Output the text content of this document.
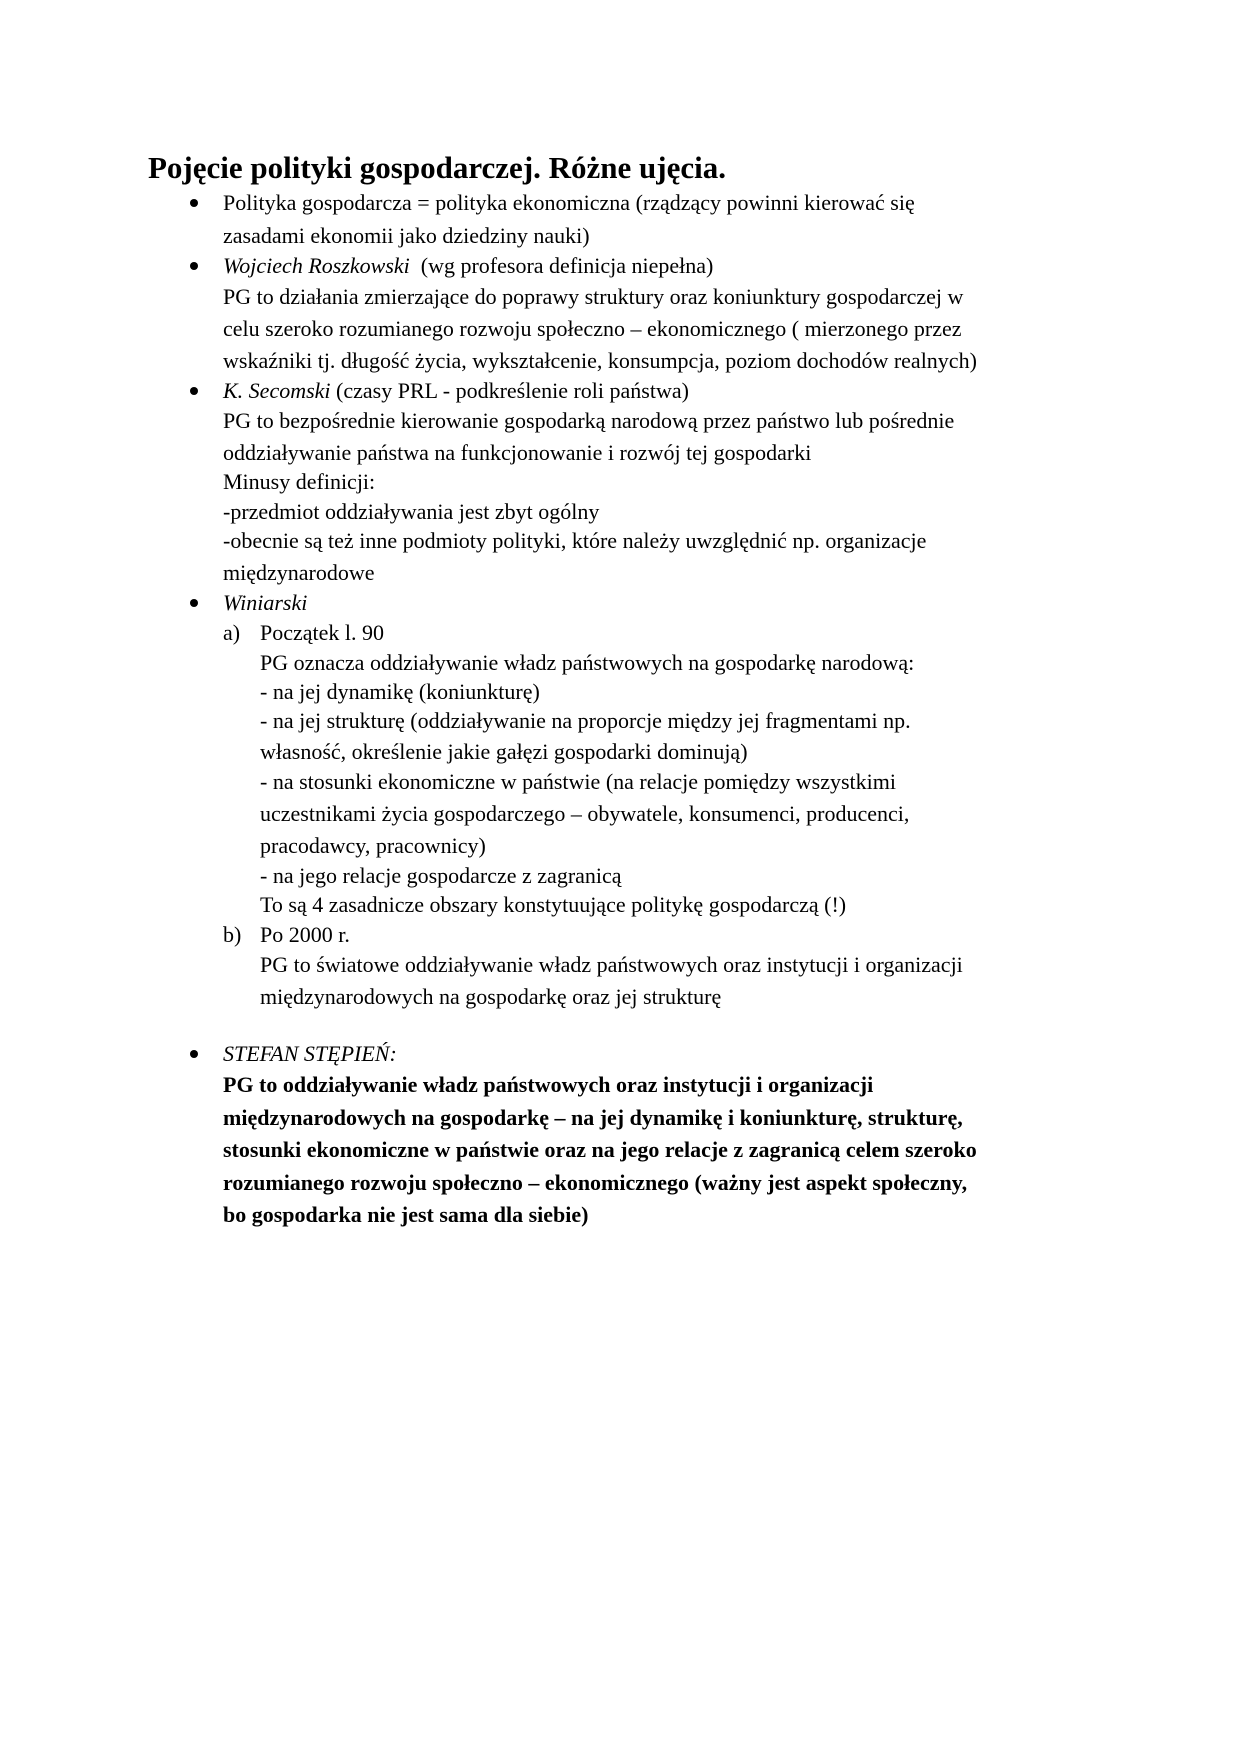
Pojęcie polityki gospodarczej. Różne ujęcia.
Polityka gospodarcza = polityka ekonomiczna (rządzący powinni kierować się
zasadami ekonomii jako dziedziny nauki)
Wojciech Roszkowski  (wg profesora definicja niepełna)
PG to działania zmierzające do poprawy struktury oraz koniunktury gospodarczej w
celu szeroko rozumianego rozwoju społeczno – ekonomicznego ( mierzonego przez
wskaźniki tj. długość życia, wykształcenie, konsumpcja, poziom dochodów realnych)
K. Secomski (czasy PRL - podkreślenie roli państwa)
PG to bezpośrednie kierowanie gospodarką narodową przez państwo lub pośrednie
oddziaływanie państwa na funkcjonowanie i rozwój tej gospodarki
Minusy definicji:
-przedmiot oddziaływania jest zbyt ogólny
-obecnie są też inne podmioty polityki, które należy uwzględnić np. organizacje
międzynarodowe
Winiarski
a) Początek l. 90
PG oznacza oddziaływanie władz państwowych na gospodarkę narodową:
- na jej dynamikę (koniunkturę)
- na jej strukturę (oddziaływanie na proporcje między jej fragmentami np.
własność, określenie jakie gałęzi gospodarki dominują)
- na stosunki ekonomiczne w państwie (na relacje pomiędzy wszystkimi
uczestnikami życia gospodarczego – obywatele, konsumenci, producenci,
pracodawcy, pracownicy)
- na jego relacje gospodarcze z zagranicą
To są 4 zasadnicze obszary konstytuujące politykę gospodarczą (!)
b) Po 2000 r.
PG to światowe oddziaływanie władz państwowych oraz instytucji i organizacji
międzynarodowych na gospodarkę oraz jej strukturę
STEFAN STĘPIEŃ:
PG to oddziaływanie władz państwowych oraz instytucji i organizacji
międzynarodowych na gospodarkę – na jej dynamikę i koniunkturę, strukturę,
stosunki ekonomiczne w państwie oraz na jego relacje z zagranicą celem szeroko
rozumianego rozwoju społeczno – ekonomicznego (ważny jest aspekt społeczny,
bo gospodarka nie jest sama dla siebie)
